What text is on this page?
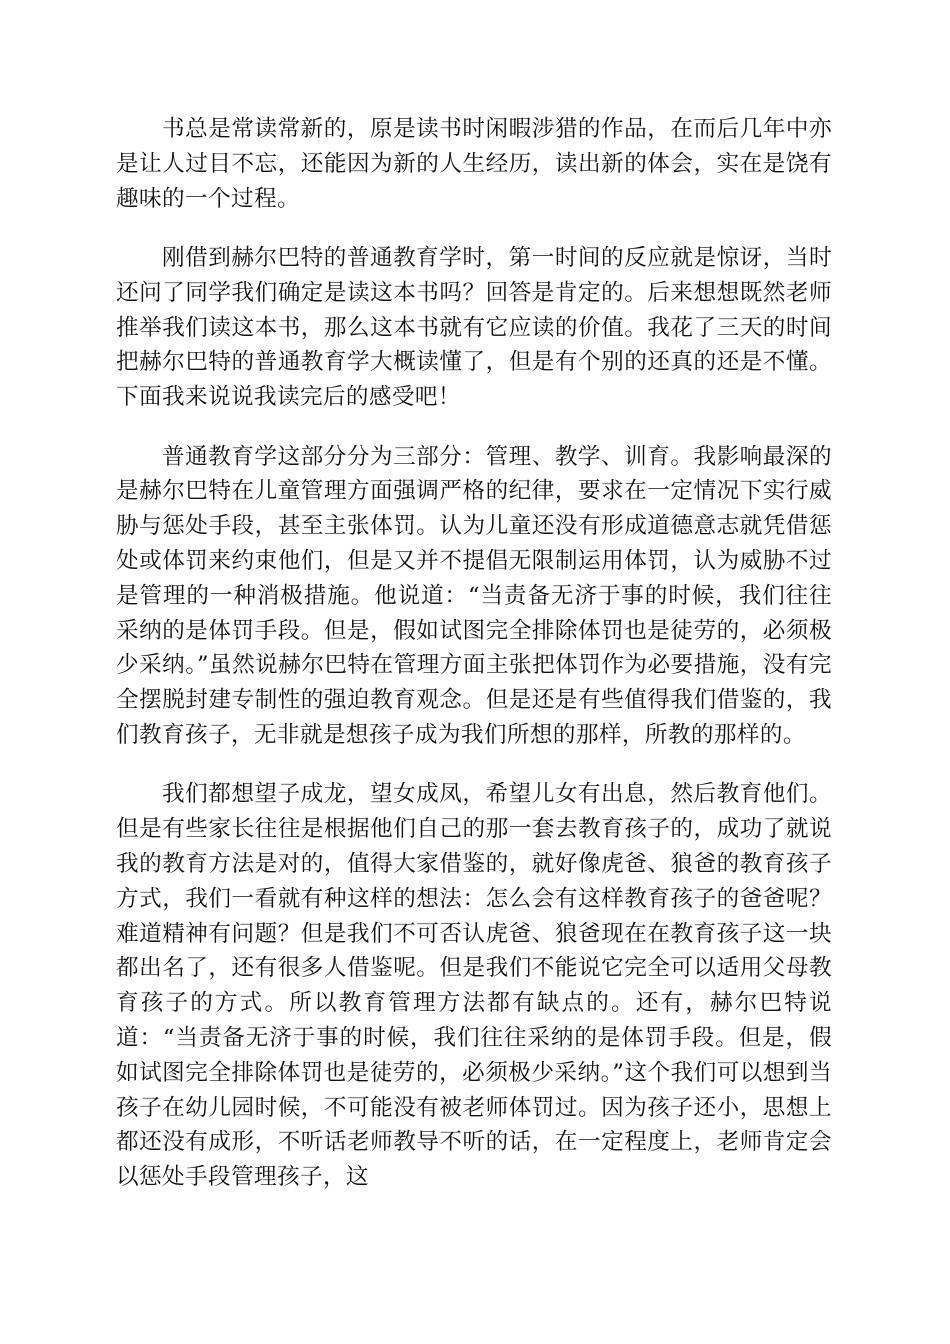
书总是常读常新的，原是读书时闲暇涉猎的作品，在而后几年中亦是让人过目不忘，还能因为新的人生经历，读出新的体会，实在是饶有趣味的一个过程。

刚借到赫尔巴特的普通教育学时，第一时间的反应就是惊讶，当时还问了同学我们确定是读这本书吗？回答是肯定的。后来想想既然老师推举我们读这本书，那么这本书就有它应读的价值。我花了三天的时间把赫尔巴特的普通教育学大概读懂了，但是有个别的还真的还是不懂。下面我来说说我读完后的感受吧！

普通教育学这部分分为三部分：管理、教学、训育。我影响最深的是赫尔巴特在儿童管理方面强调严格的纪律，要求在一定情况下实行威胁与惩处手段，甚至主张体罚。认为儿童还没有形成道德意志就凭借惩处或体罚来约束他们，但是又并不提倡无限制运用体罚，认为威胁不过是管理的一种消极措施。他说道：“当责备无济于事的时候，我们往往采纳的是体罚手段。但是，假如试图完全排除体罚也是徒劳的，必须极少采纳。”虽然说赫尔巴特在管理方面主张把体罚作为必要措施，没有完全摆脱封建专制性的强迫教育观念。但是还是有些值得我们借鉴的，我们教育孩子，无非就是想孩子成为我们所想的那样，所教的那样的。

我们都想望子成龙，望女成凤，希望儿女有出息，然后教育他们。但是有些家长往往是根据他们自己的那一套去教育孩子的，成功了就说我的教育方法是对的，值得大家借鉴的，就好像虎爸、狼爸的教育孩子方式，我们一看就有种这样的想法：怎么会有这样教育孩子的爸爸呢？难道精神有问题？但是我们不可否认虎爸、狼爸现在在教育孩子这一块都出名了，还有很多人借鉴呢。但是我们不能说它完全可以适用父母教育孩子的方式。所以教育管理方法都有缺点的。还有，赫尔巴特说道：“当责备无济于事的时候，我们往往采纳的是体罚手段。但是，假如试图完全排除体罚也是徒劳的，必须极少采纳。”这个我们可以想到当孩子在幼儿园时候，不可能没有被老师体罚过。因为孩子还小，思想上都还没有成形，不听话老师教导不听的话，在一定程度上，老师肯定会以惩处手段管理孩子，这
